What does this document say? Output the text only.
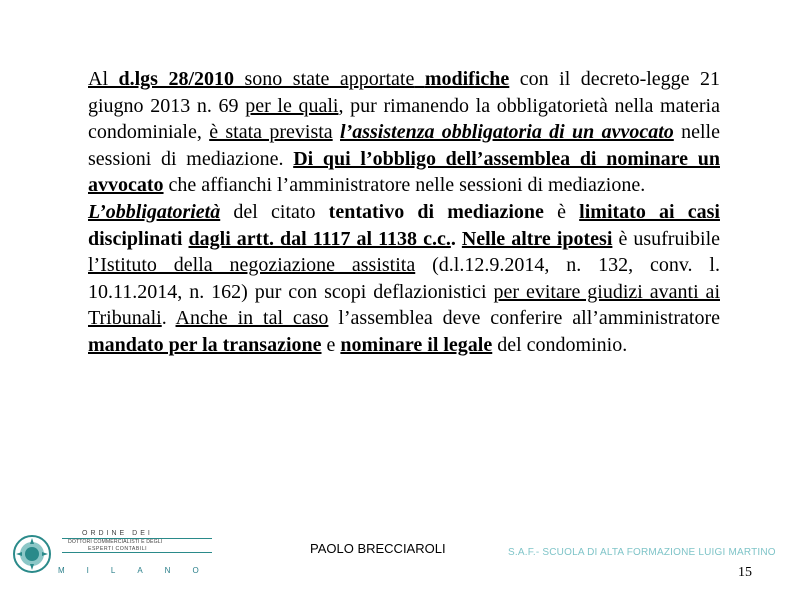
Al d.lgs 28/2010 sono state apportate modifiche con il decreto-legge 21 giugno 2013 n. 69 per le quali, pur rimanendo la obbligatorietà nella materia condominiale, è stata prevista l’assistenza obbligatoria di un avvocato nelle sessioni di mediazione. Di qui l’obbligo dell’assemblea di nominare un avvocato che affianchi l’amministratore nelle sessioni di mediazione.

L’obbligatorietà del citato tentativo di mediazione è limitato ai casi disciplinati dagli artt. dal 1117 al 1138 c.c.. Nelle altre ipotesi è usufruibile l’Istituto della negoziazione assistita (d.l.12.9.2014, n. 132, conv. l. 10.11.2014, n. 162) pur con scopi deflazionistici per evitare giudizi avanti ai Tribunali. Anche in tal caso l’assemblea deve conferire all’amministratore mandato per la transazione e nominare il legale del condominio.

ORDINE DEI
DOTTORI COMMERCIALISTI E DEGLI
ESPERTI CONTABILI
MILANO
PAOLO BRECCIAROLI	S.A.F.- SCUOLA DI ALTA FORMAZIONE LUIGI MARTINO
15
